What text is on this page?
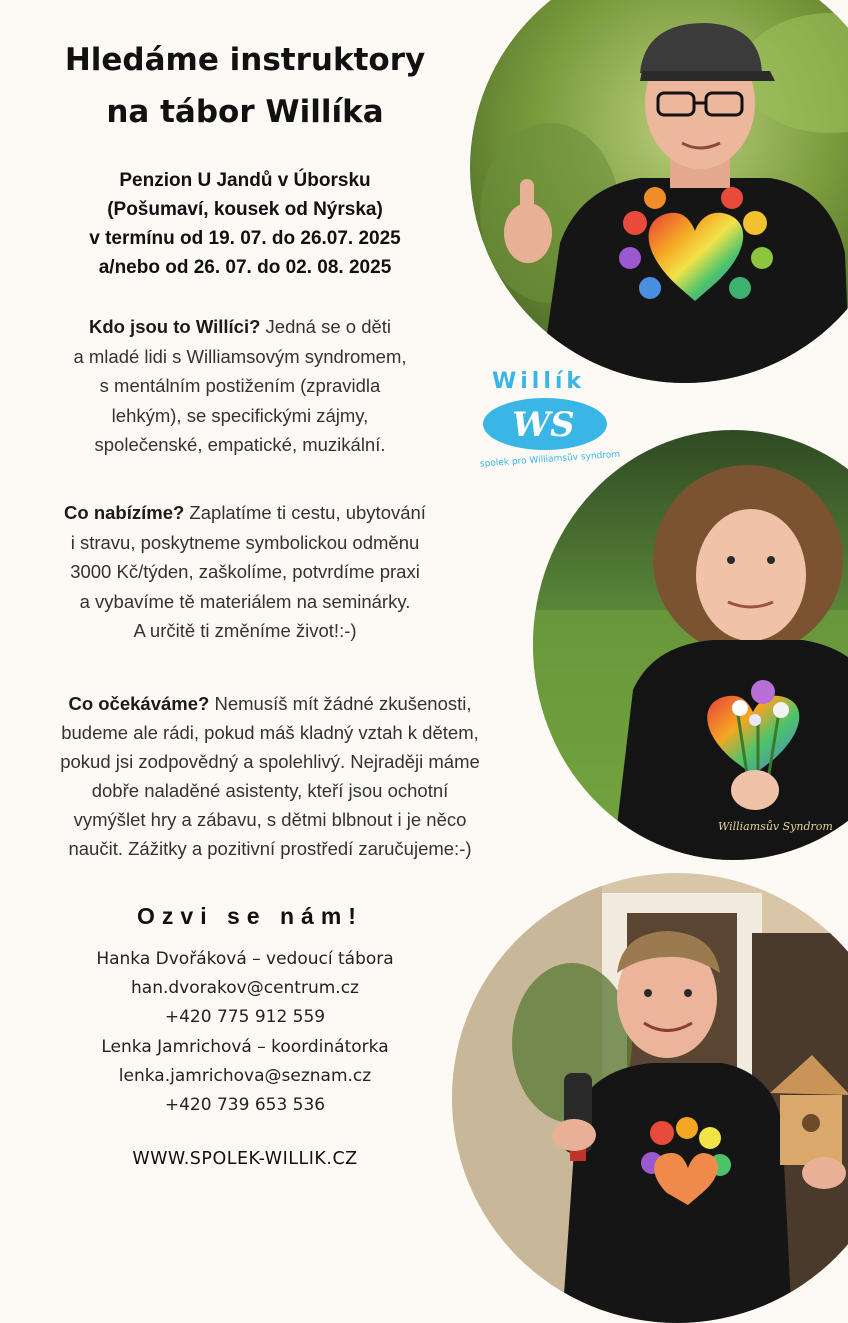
Hledáme instruktory
na tábor Willíka
Penzion U Jandů v Úborsku
(Pošumaví, kousek od Nýrska)
v termínu od 19. 07. do 26.07. 2025
a/nebo od 26. 07. do 02. 08. 2025
Kdo jsou to Willíci? Jedná se o děti
a mladé lidi s Williamsovým syndromem,
s mentálním postižením (zpravidla
lehkým), se specifickými zájmy,
společenské, empatické, muzikální.
Co nabízíme? Zaplatíme ti cestu, ubytování
i stravu, poskytneme symbolickou odměnu
3000 Kč/týden, zaškolíme, potvrdíme praxi
a vybavíme tě materiálem na seminárky.
A určitě ti změníme život!:-)
Co očekáváme? Nemusíš mít žádné zkušenosti,
budeme ale rádi, pokud máš kladný vztah k dětem,
pokud jsi zodpovědný a spolehlivý. Nejraději máme
dobře naladěné asistenty, kteří jsou ochotní
vymýšlet hry a zábavu, s dětmi blbnout i je něco
naučit. Zážitky a pozitivní prostředí zaručujeme:-)
Ozvi se nám!
Hanka Dvořáková – vedoucí tábora
han.dvorakov@centrum.cz
+420 775 912 559
Lenka Jamrichová – koordinátorka
lenka.jamrichova@seznam.cz
+420 739 653 536
WWW.SPOLEK-WILLIK.CZ
Willík
WS
spolek pro Williamsův syndrom
Williamsův Syndrom
